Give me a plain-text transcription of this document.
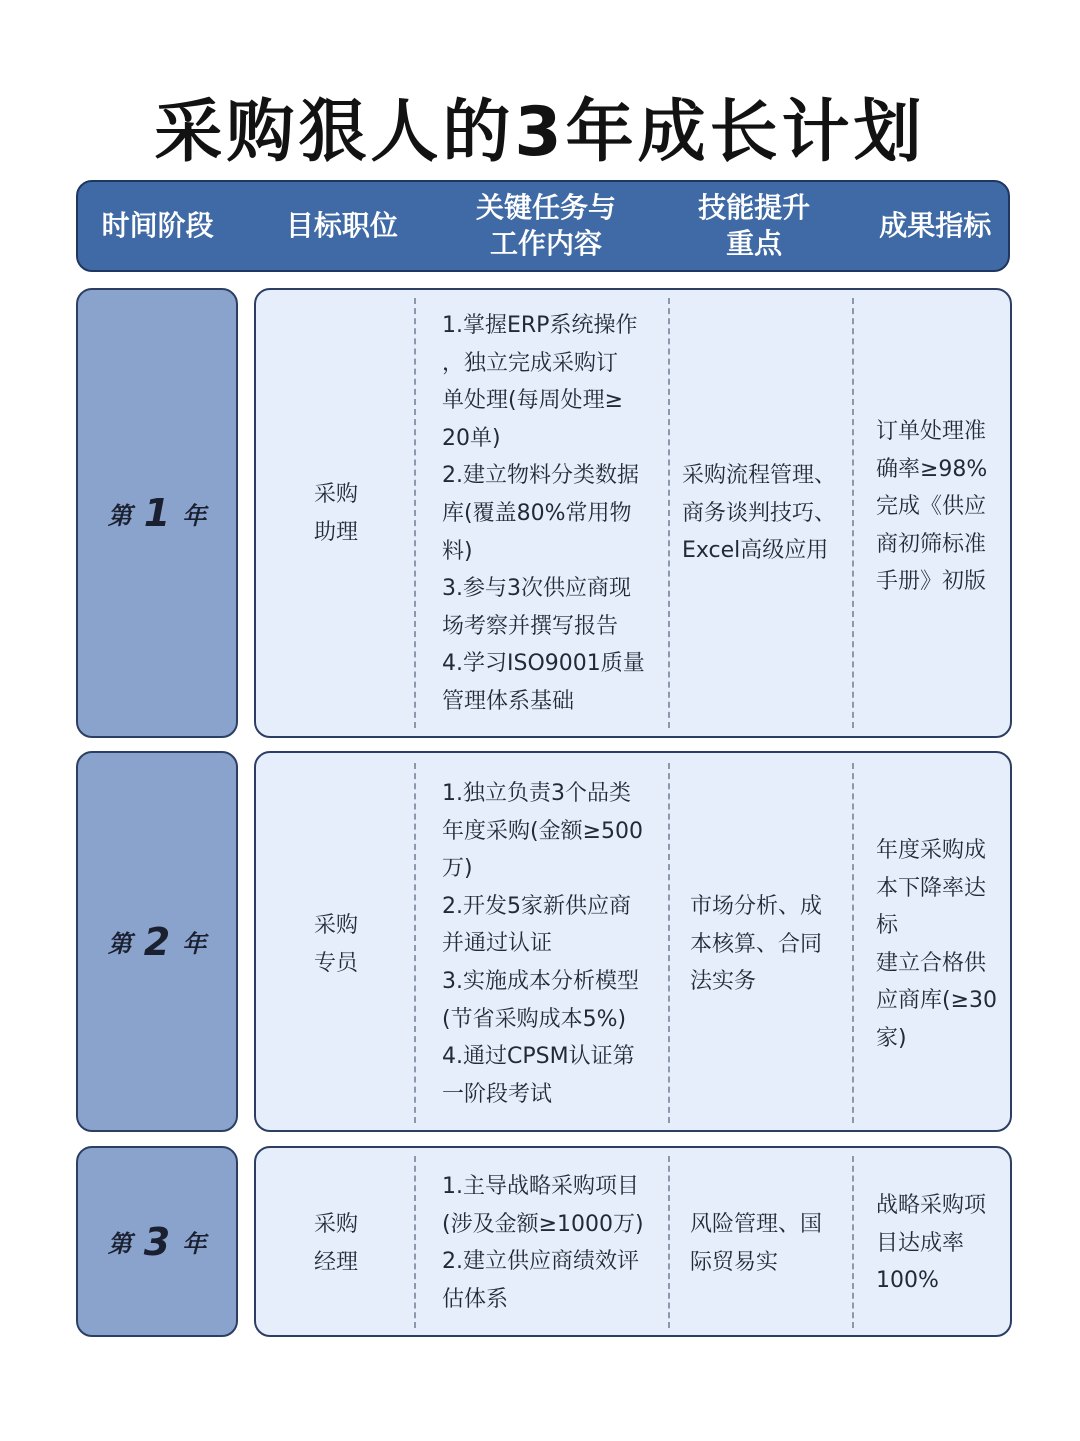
采购狠人的3年成长计划
时间阶段	目标职位
关键任务与
工作内容
技能提升
重点
成果指标
第 1 年
采购
助理
1.掌握ERP系统操作
，独立完成采购订
单处理(每周处理≥
20单)
2.建立物料分类数据
库(覆盖80%常用物
料)
3.参与3次供应商现
场考察并撰写报告
4.学习ISO9001质量
管理体系基础
采购流程管理、
商务谈判技巧、
Excel高级应用
订单处理准
确率≥98%
完成《供应
商初筛标准
手册》初版
第 2 年
采购
专员
1.独立负责3个品类
年度采购(金额≥500
万)
2.开发5家新供应商
并通过认证
3.实施成本分析模型
(节省采购成本5%)
4.通过CPSM认证第
一阶段考试
市场分析、成
本核算、合同
法实务
年度采购成
本下降率达
标
建立合格供
应商库(≥30
家)
第 3 年
采购
经理
1.主导战略采购项目
(涉及金额≥1000万)
2.建立供应商绩效评
估体系
风险管理、国
际贸易实
战略采购项
目达成率
100%
